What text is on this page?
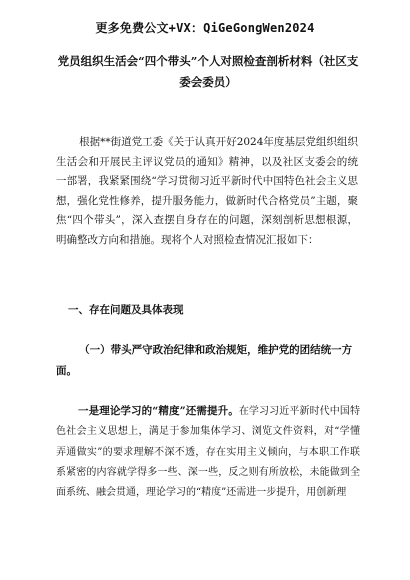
更多免费公文+VX：QiGeGongWen2024
党员组织生活会“四个带头”个人对照检查剖析材料（社区支委会委员）
根据**街道党工委《关于认真开好2024年度基层党组织组织生活会和开展民主评议党员的通知》精神，以及社区支委会的统一部署，我紧紧围绕“学习贯彻习近平新时代中国特色社会主义思想，强化党性修养，提升服务能力，做新时代合格党员”主题，聚焦“四个带头”，深入查摆自身存在的问题，深刻剖析思想根源，明确整改方向和措施。现将个人对照检查情况汇报如下：
一、存在问题及具体表现
（一）带头严守政治纪律和政治规矩，维护党的团结统一方面。
一是理论学习的“精度”还需提升。在学习习近平新时代中国特色社会主义思想上，满足于参加集体学习、浏览文件资料，对“学懂弄通做实”的要求理解不深不透，存在实用主义倾向，与本职工作联系紧密的内容就学得多一些、深一些，反之则有所放松，未能做到全面系统、融会贯通，理论学习的“精度”还需进一步提升，用创新理
